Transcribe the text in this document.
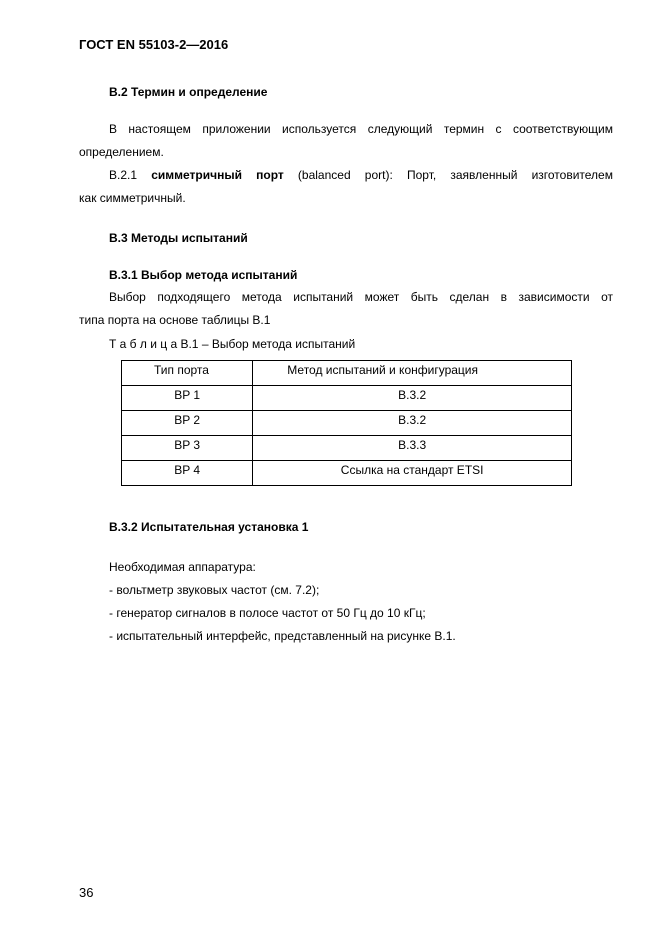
ГОСТ EN 55103-2—2016
В.2 Термин и определение
В настоящем приложении используется следующий термин с соответствующим
определением.
В.2.1 симметричный порт (balanced port): Порт, заявленный изготовителем
как симметричный.
В.3 Методы испытаний
В.3.1 Выбор метода испытаний
Выбор подходящего метода испытаний может быть сделан в зависимости от
типа порта на основе таблицы В.1
Т а б л и ц а В.1 – Выбор метода испытаний
Тип порта	Метод испытаний и конфигурация
BP 1	В.3.2
BP 2	В.3.2
BP 3	В.3.3
BP 4	Ссылка на стандарт ETSI
В.3.2 Испытательная установка 1
Необходимая аппаратура:
- вольтметр звуковых частот (см. 7.2);
- генератор сигналов в полосе частот от 50 Гц до 10 кГц;
- испытательный интерфейс, представленный на рисунке В.1.
36
